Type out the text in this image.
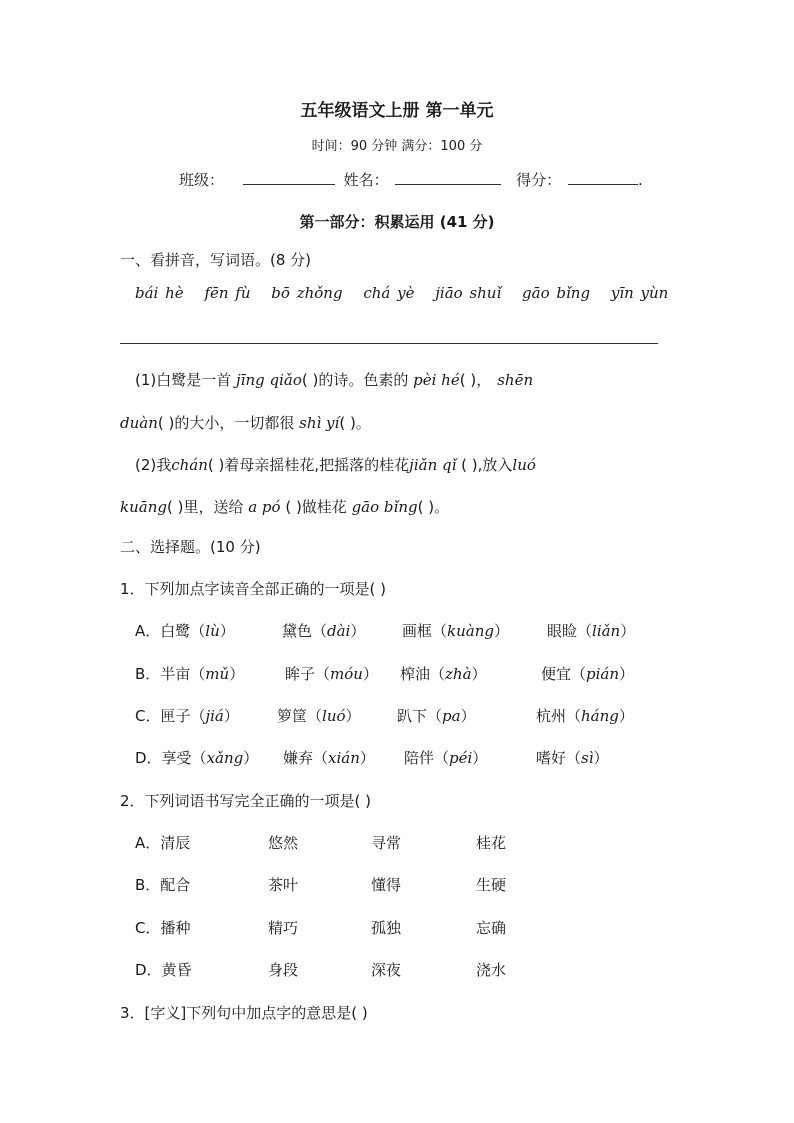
五年级语文上册 第一单元
时间：90 分钟 满分：100 分
班级：	姓名：	得分：	.
第一部分：积累运用 (41 分)
一、看拼音，写词语。(8 分)
bái hè fēn fù bō zhǒng chá yè jiāo shuǐ gāo bǐng yīn yùn
(1)白鹭是一首 jīng qiǎo( )的诗。色素的 pèi hé( )， shēn
duàn( )的大小，一切都很 shì yí( )。
(2)我chán( )着母亲摇桂花,把摇落的桂花jiǎn qǐ ( ),放入luó
kuāng( )里，送给 a pó ( )做桂花 gāo bǐng( )。
二、选择题。(10 分)
1．下列加点字读音全部正确的一项是( )
A．白鹭（lù）	黛色（dài） 画框（kuàng）	眼睑（liǎn）
B．半亩（mǔ）	眸子（móu） 榨油（zhà）	便宜（pián）
C．匣子（jiá）	箩筐（luó） 趴下（pa）	杭州（háng）
D．享受（xǎng） 嫌弃（xián） 陪伴（péi）	嗜好（sì）
2．下列词语书写完全正确的一项是( )
A．清辰	悠然	寻常	桂花
B．配合	茶叶	懂得	生硬
C．播种	精巧	孤独	忘确
D．黄昏	身段	深夜	浇水
3．[字义]下列句中加点字的意思是( )
